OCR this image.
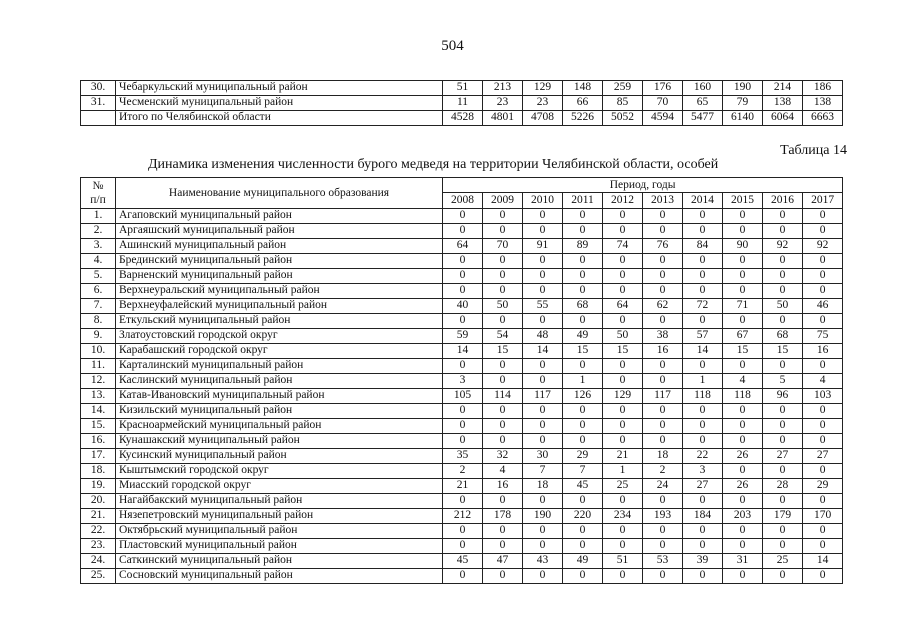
504
30.	Чебаркульский муниципальный район	51	213	129	148	259	176	160	190	214	186
31.	Чесменский муниципальный район	11	23	23	66	85	70	65	79	138	138
	Итого по Челябинской области	4528	4801	4708	5226	5052	4594	5477	6140	6064	6663
Таблица 14
Динамика изменения численности бурого медведя на территории Челябинской области, особей
№
п/п	Наименование муниципального образования	Период, годы									
		2008	2009	2010	2011	2012	2013	2014	2015	2016	2017
1.	Агаповский муниципальный район	0	0	0	0	0	0	0	0	0	0
2.	Аргаяшский муниципальный район	0	0	0	0	0	0	0	0	0	0
3.	Ашинский муниципальный район	64	70	91	89	74	76	84	90	92	92
4.	Брединский муниципальный район	0	0	0	0	0	0	0	0	0	0
5.	Варненский муниципальный район	0	0	0	0	0	0	0	0	0	0
6.	Верхнеуральский муниципальный район	0	0	0	0	0	0	0	0	0	0
7.	Верхнеуфалейский муниципальный район	40	50	55	68	64	62	72	71	50	46
8.	Еткульский муниципальный район	0	0	0	0	0	0	0	0	0	0
9.	Златоустовский городской округ	59	54	48	49	50	38	57	67	68	75
10.	Карабашский городской округ	14	15	14	15	15	16	14	15	15	16
11.	Карталинский муниципальный район	0	0	0	0	0	0	0	0	0	0
12.	Каслинский муниципальный район	3	0	0	1	0	0	1	4	5	4
13.	Катав-Ивановский муниципальный район	105	114	117	126	129	117	118	118	96	103
14.	Кизильский муниципальный район	0	0	0	0	0	0	0	0	0	0
15.	Красноармейский муниципальный район	0	0	0	0	0	0	0	0	0	0
16.	Кунашакский муниципальный район	0	0	0	0	0	0	0	0	0	0
17.	Кусинский муниципальный район	35	32	30	29	21	18	22	26	27	27
18.	Кыштымский городской округ	2	4	7	7	1	2	3	0	0	0
19.	Миасский городской округ	21	16	18	45	25	24	27	26	28	29
20.	Нагайбакский муниципальный район	0	0	0	0	0	0	0	0	0	0
21.	Нязепетровский муниципальный район	212	178	190	220	234	193	184	203	179	170
22.	Октябрьский муниципальный район	0	0	0	0	0	0	0	0	0	0
23.	Пластовский муниципальный район	0	0	0	0	0	0	0	0	0	0
24.	Саткинский муниципальный район	45	47	43	49	51	53	39	31	25	14
25.	Сосновский муниципальный район	0	0	0	0	0	0	0	0	0	0
